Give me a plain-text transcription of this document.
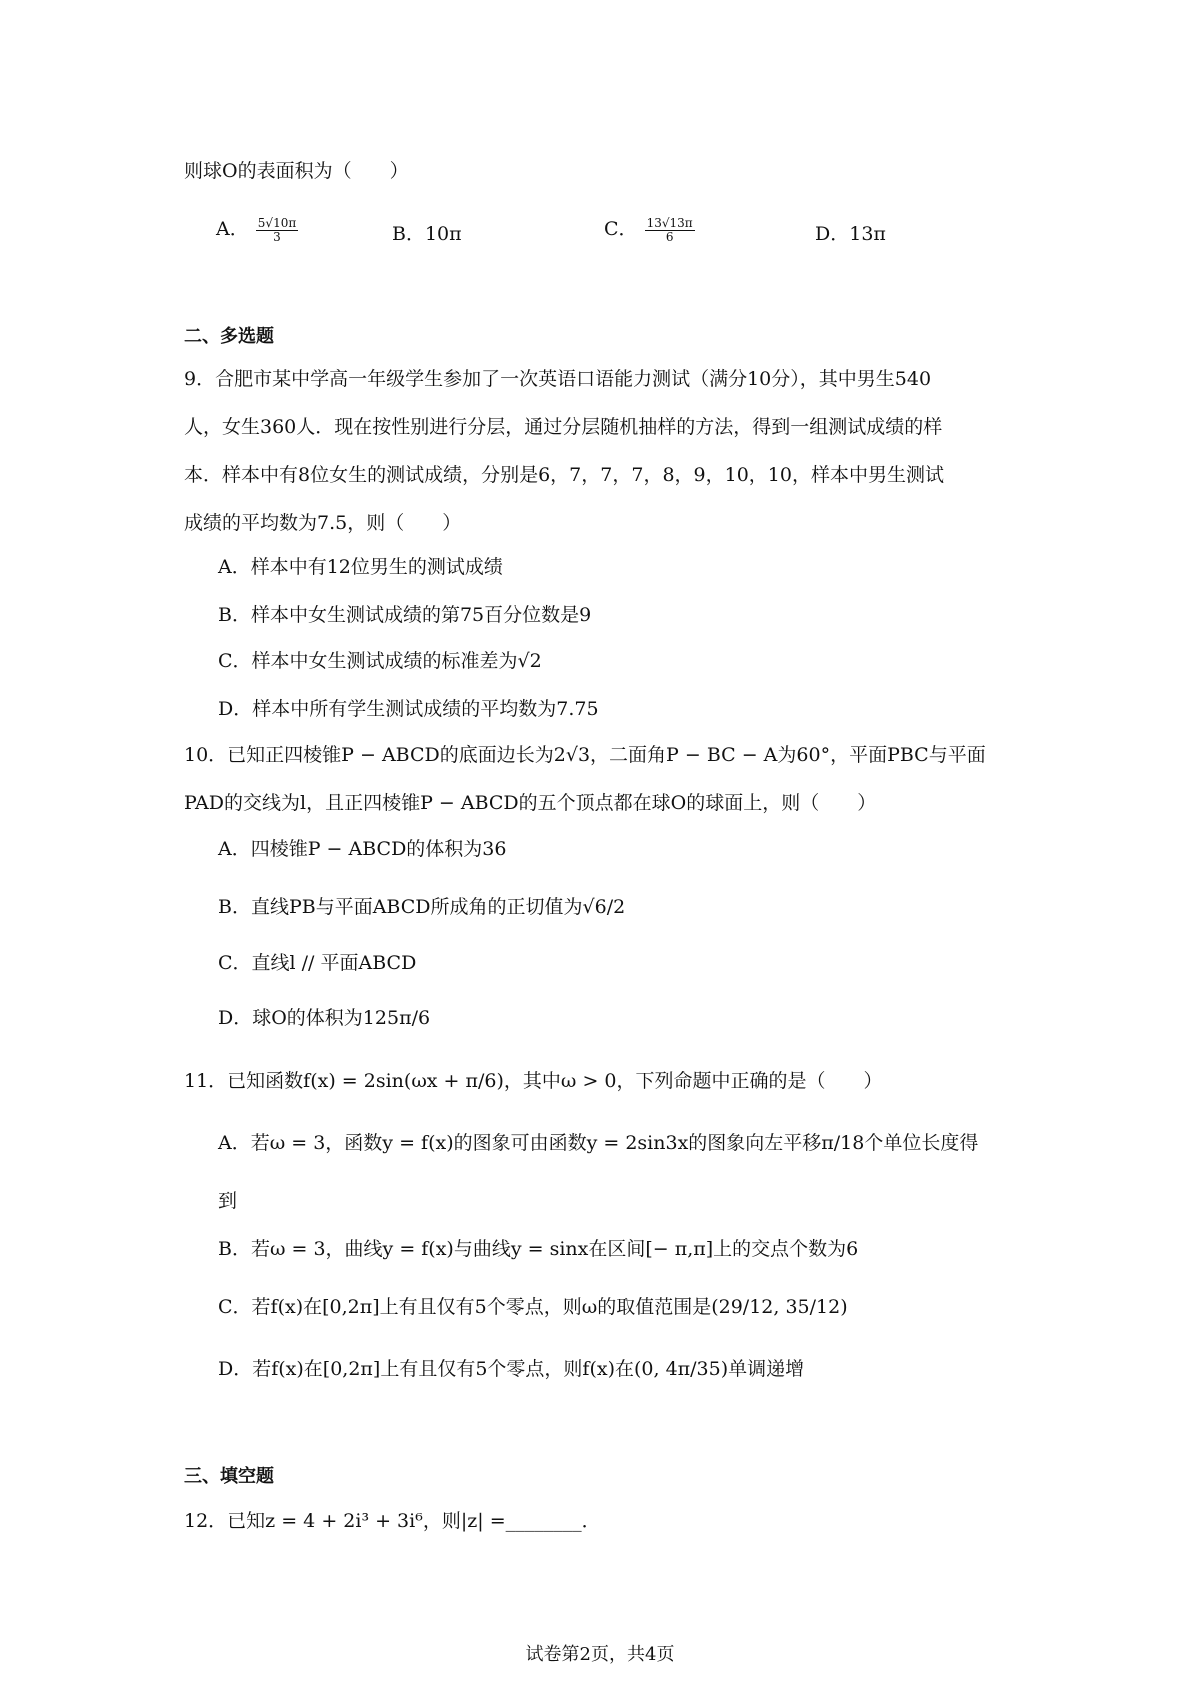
则球O的表面积为（　　）
A． $\frac{5√10\pi}{3}$	B．10π	C． $\frac{13√13\pi}{6}$	D．13π
二、多选题
9．合肥市某中学高一年级学生参加了一次英语口语能力测试（满分10分），其中男生540
人，女生360人．现在按性别进行分层，通过分层随机抽样的方法，得到一组测试成绩的样
本．样本中有8位女生的测试成绩，分别是6，7，7，7，8，9，10，10，样本中男生测试
成绩的平均数为7.5，则（　　）
A．样本中有12位男生的测试成绩
B．样本中女生测试成绩的第75百分位数是9
C．样本中女生测试成绩的标准差为√2
D．样本中所有学生测试成绩的平均数为7.75
10．已知正四棱锥P − ABCD的底面边长为2√3，二面角P − BC − A为60°，平面PBC与平面
PAD的交线为l，且正四棱锥P − ABCD的五个顶点都在球O的球面上，则（　　）
A．四棱锥P − ABCD的体积为36
B．直线PB与平面ABCD所成角的正切值为√6/2
C．直线l // 平面ABCD
D．球O的体积为125π/6
11．已知函数f(x) = 2sin(ωx + π/6)，其中ω > 0，下列命题中正确的是（　　）
A．若ω = 3，函数y = f(x)的图象可由函数y = 2sin3x的图象向左平移π/18个单位长度得
到
B．若ω = 3，曲线y = f(x)与曲线y = sinx在区间[− π,π]上的交点个数为6
C．若f(x)在[0,2π]上有且仅有5个零点，则ω的取值范围是(29/12, 35/12)
D．若f(x)在[0,2π]上有且仅有5个零点，则f(x)在(0, 4π/35)单调递增
三、填空题
12．已知z = 4 + 2i³ + 3i⁶，则|z| =________．
试卷第2页，共4页
